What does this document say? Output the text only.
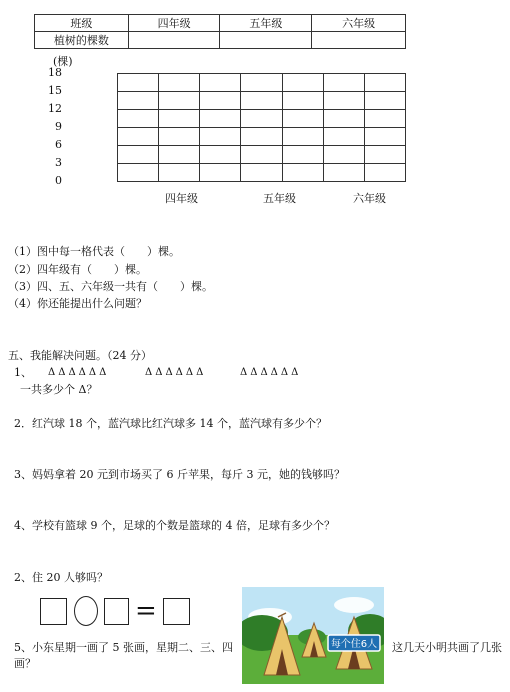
班级	四年级	五年级	六年级
植树的棵数			
(棵)
18
15
12
9
6
3
0
四年级	五年级	六年级
（1）图中每一格代表（　　）棵。
（2）四年级有（　　）棵。
（3）四、五、六年级一共有（　　）棵。
（4）你还能提出什么问题？
五、我能解决问题。（24 分）
1、 ΔΔΔΔΔΔ	ΔΔΔΔΔΔ	ΔΔΔΔΔΔ
一共多少个 Δ？
2．红汽球 18 个，蓝汽球比红汽球多 14 个，蓝汽球有多少个？
3、妈妈拿着 20 元到市场买了 6 斤苹果，每斤 3 元，她的钱够吗？
4、学校有篮球 9 个，足球的个数是篮球的 4 倍，足球有多少个？
2、住 20 人够吗？
=
每个住6人
5、小东星期一画了 5 张画，星期二、三、四	这几天小明共画了几张
画？
